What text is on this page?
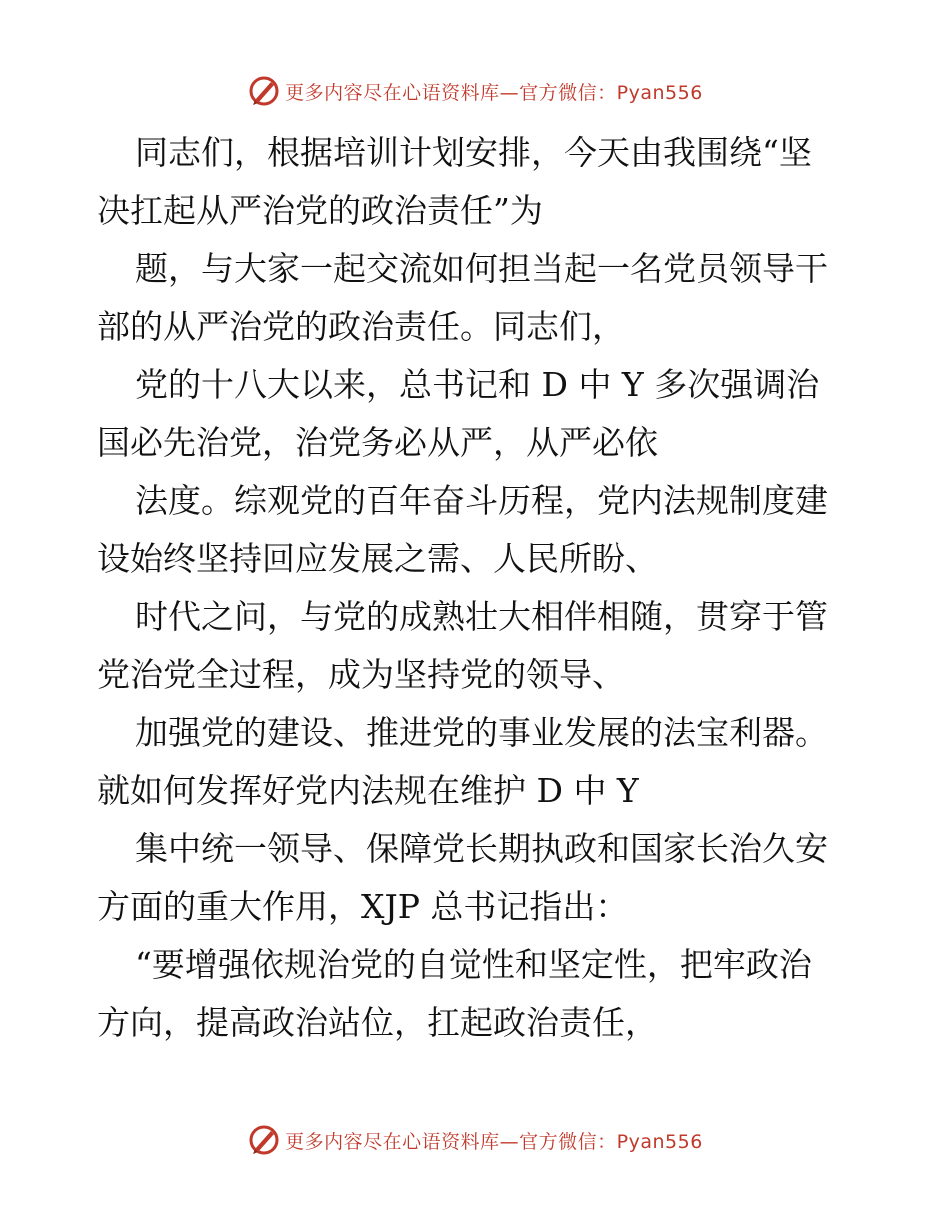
更多内容尽在心语资料库—官方微信：Pyan556
同志们，根据培训计划安排，今天由我围绕“坚
决扛起从严治党的政治责任”为
题，与大家一起交流如何担当起一名党员领导干
部的从严治党的政治责任。同志们，
党的十八大以来，总书记和 D 中 Y 多次强调治
国必先治党，治党务必从严，从严必依
法度。综观党的百年奋斗历程，党内法规制度建
设始终坚持回应发展之需、人民所盼、
时代之问，与党的成熟壮大相伴相随，贯穿于管
党治党全过程，成为坚持党的领导、
加强党的建设、推进党的事业发展的法宝利器。
就如何发挥好党内法规在维护 D 中 Y
集中统一领导、保障党长期执政和国家长治久安
方面的重大作用，XJP 总书记指出：
“要增强依规治党的自觉性和坚定性，把牢政治
方向，提高政治站位，扛起政治责任，
更多内容尽在心语资料库—官方微信：Pyan556
